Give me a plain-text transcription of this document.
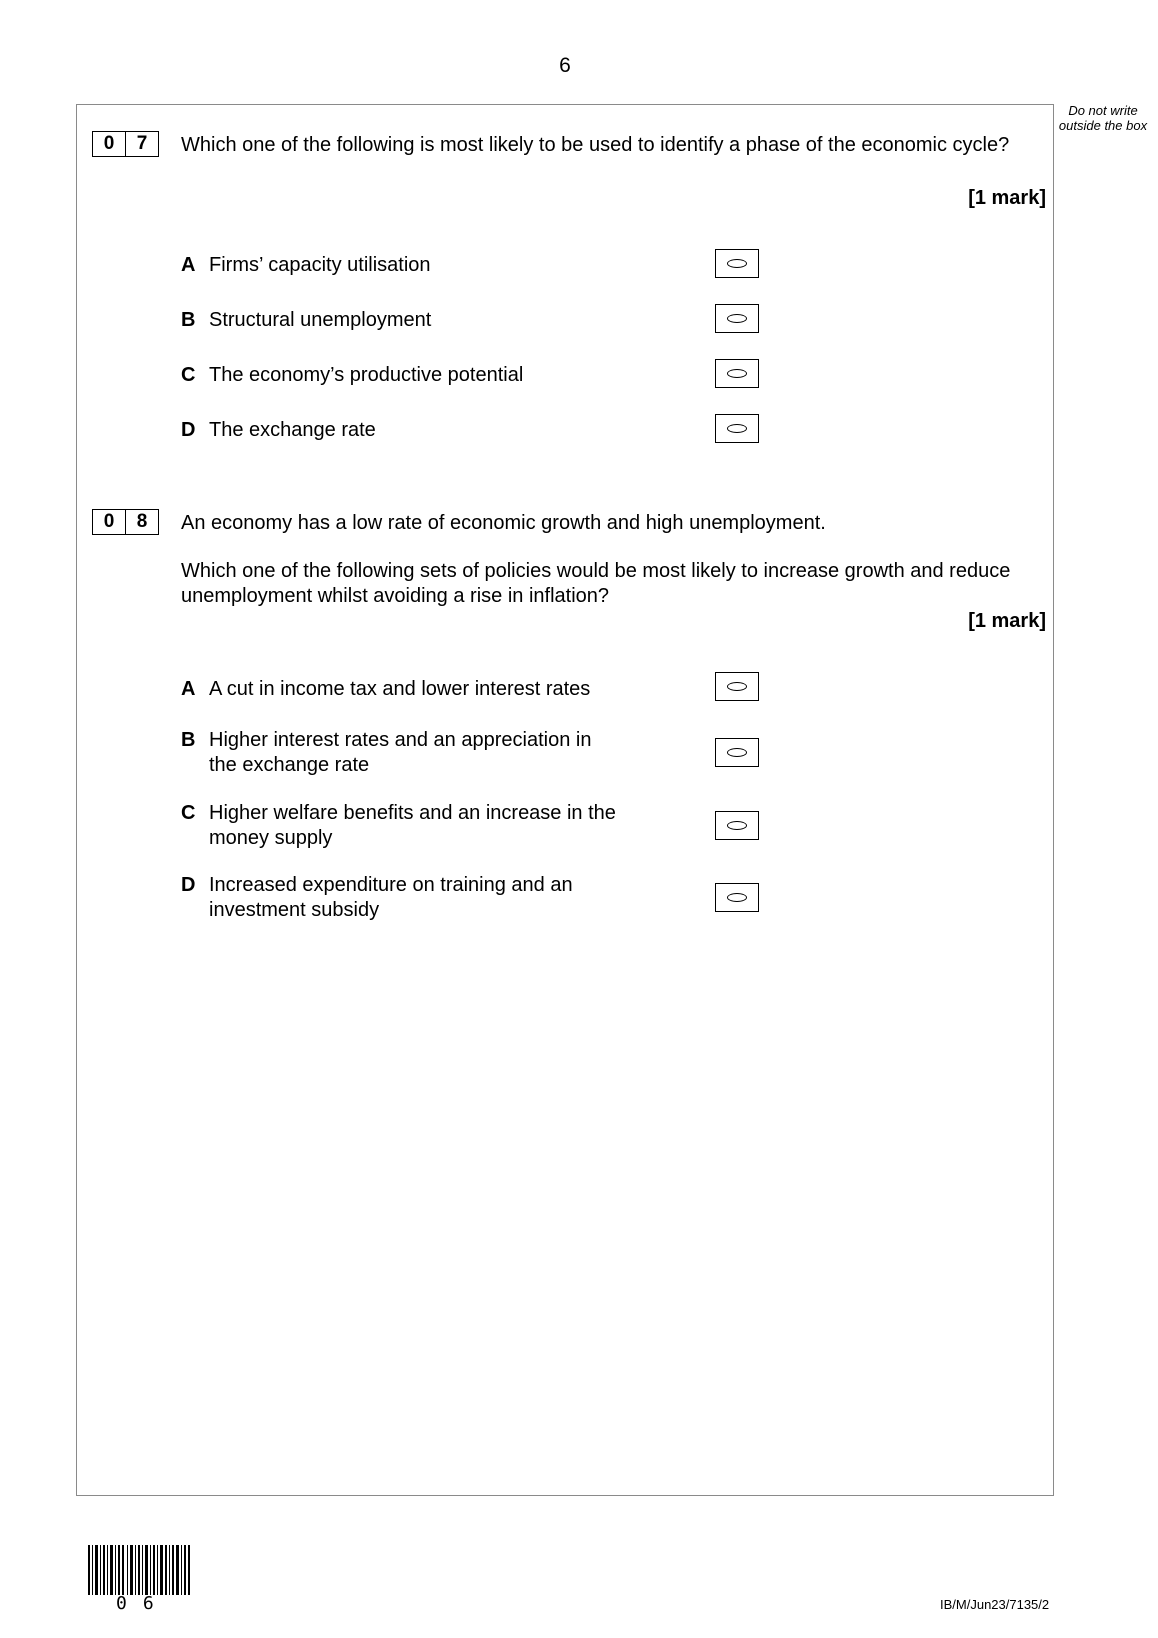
6
Do not write outside the box
0	7	Which one of the following is most likely to be used to identify a phase of the economic cycle?
[1 mark]
A Firms’ capacity utilisation
B Structural unemployment
C The economy’s productive potential
D The exchange rate
0	8	An economy has a low rate of economic growth and high unemployment.
Which one of the following sets of policies would be most likely to increase growth and reduce unemployment whilst avoiding a rise in inflation?
[1 mark]
A A cut in income tax and lower interest rates
B Higher interest rates and an appreciation in the exchange rate
C Higher welfare benefits and an increase in the money supply
D Increased expenditure on training and an investment subsidy
06	IB/M/Jun23/7135/2
